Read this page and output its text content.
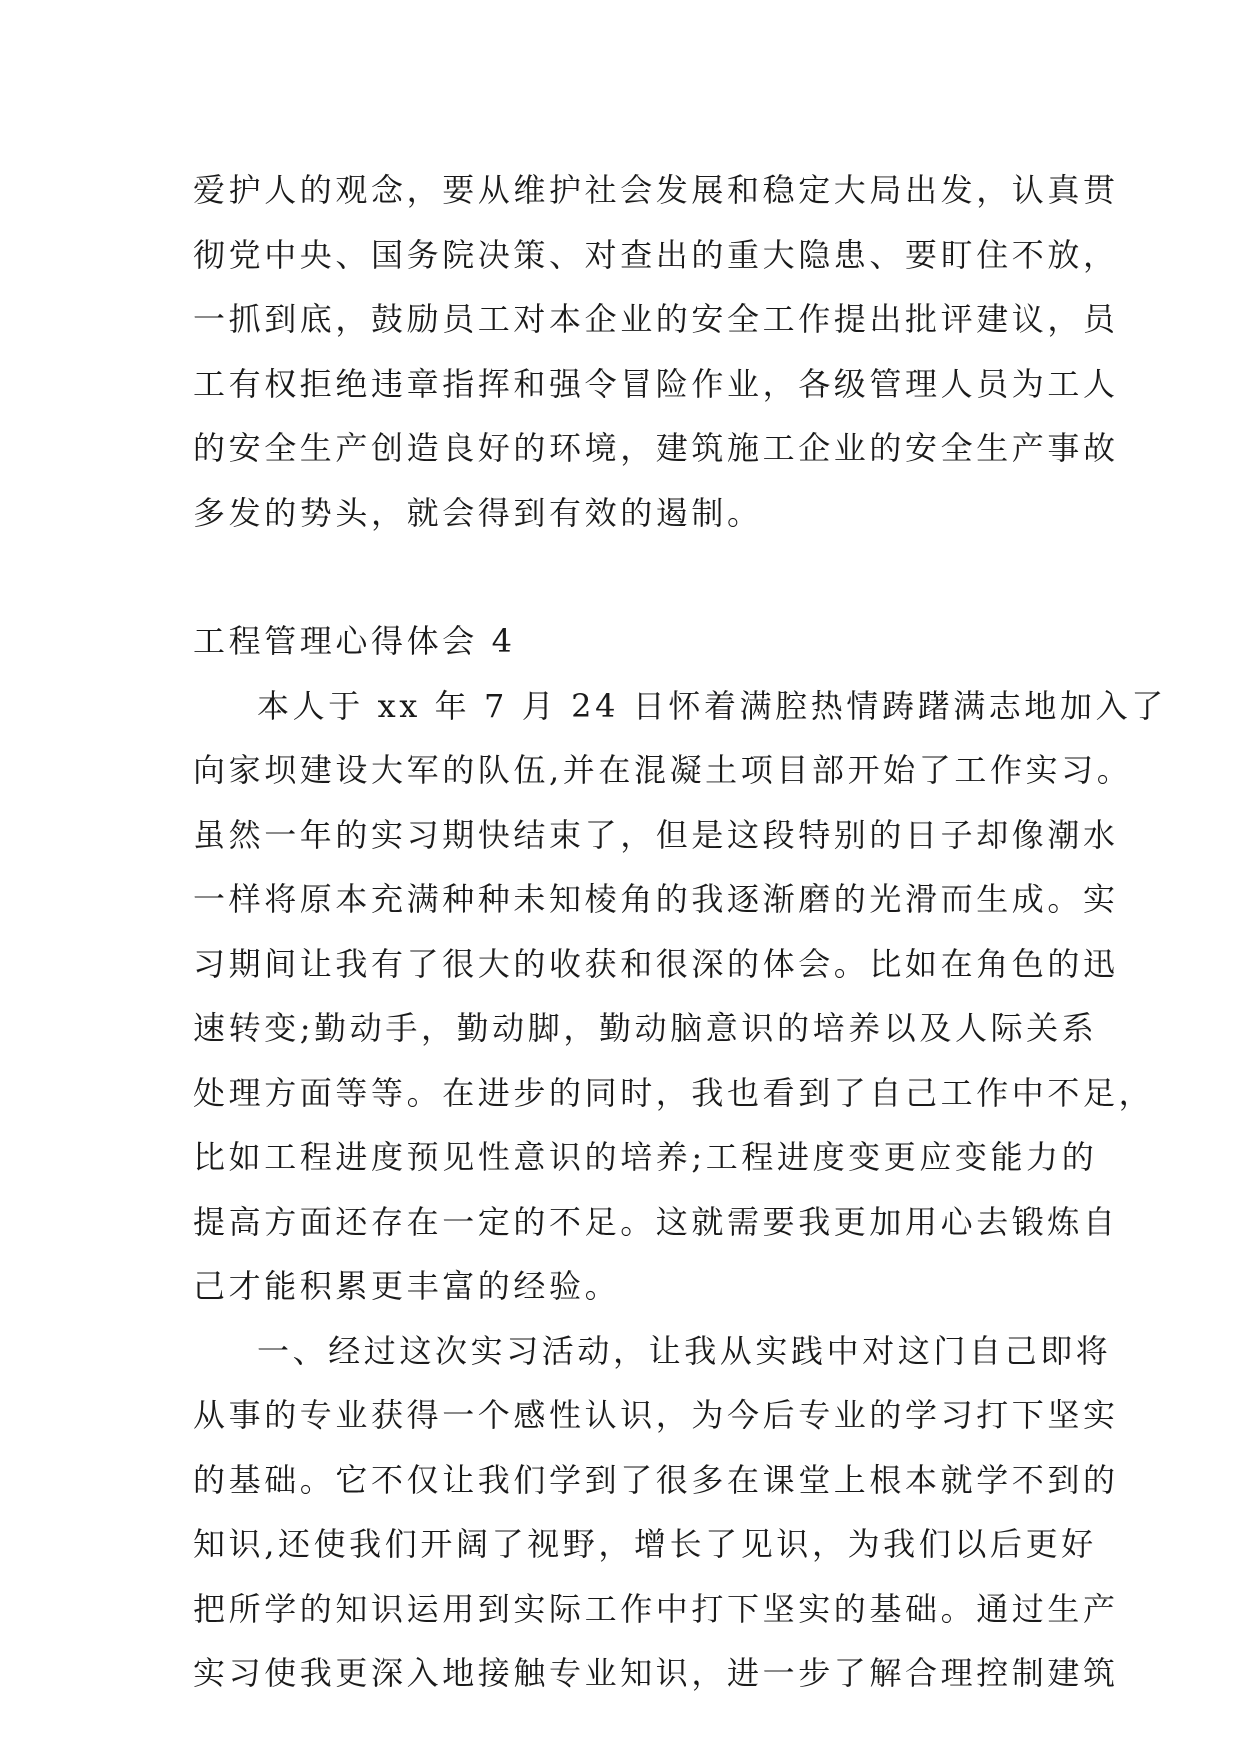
爱护人的观念，要从维护社会发展和稳定大局出发，认真贯
彻党中央、国务院决策、对查出的重大隐患、要盯住不放，
一抓到底，鼓励员工对本企业的安全工作提出批评建议，员
工有权拒绝违章指挥和强令冒险作业，各级管理人员为工人
的安全生产创造良好的环境，建筑施工企业的安全生产事故
多发的势头，就会得到有效的遏制。
工程管理心得体会 4
本人于 xx 年 7 月 24 日怀着满腔热情踌躇满志地加入了
向家坝建设大军的队伍,并在混凝土项目部开始了工作实习。
虽然一年的实习期快结束了，但是这段特别的日子却像潮水
一样将原本充满种种未知棱角的我逐渐磨的光滑而生成。实
习期间让我有了很大的收获和很深的体会。比如在角色的迅
速转变;勤动手，勤动脚，勤动脑意识的培养以及人际关系
处理方面等等。在进步的同时，我也看到了自己工作中不足，
比如工程进度预见性意识的培养;工程进度变更应变能力的
提高方面还存在一定的不足。这就需要我更加用心去锻炼自
己才能积累更丰富的经验。
一、经过这次实习活动，让我从实践中对这门自己即将
从事的专业获得一个感性认识，为今后专业的学习打下坚实
的基础。它不仅让我们学到了很多在课堂上根本就学不到的
知识,还使我们开阔了视野，增长了见识，为我们以后更好
把所学的知识运用到实际工作中打下坚实的基础。通过生产
实习使我更深入地接触专业知识，进一步了解合理控制建筑
